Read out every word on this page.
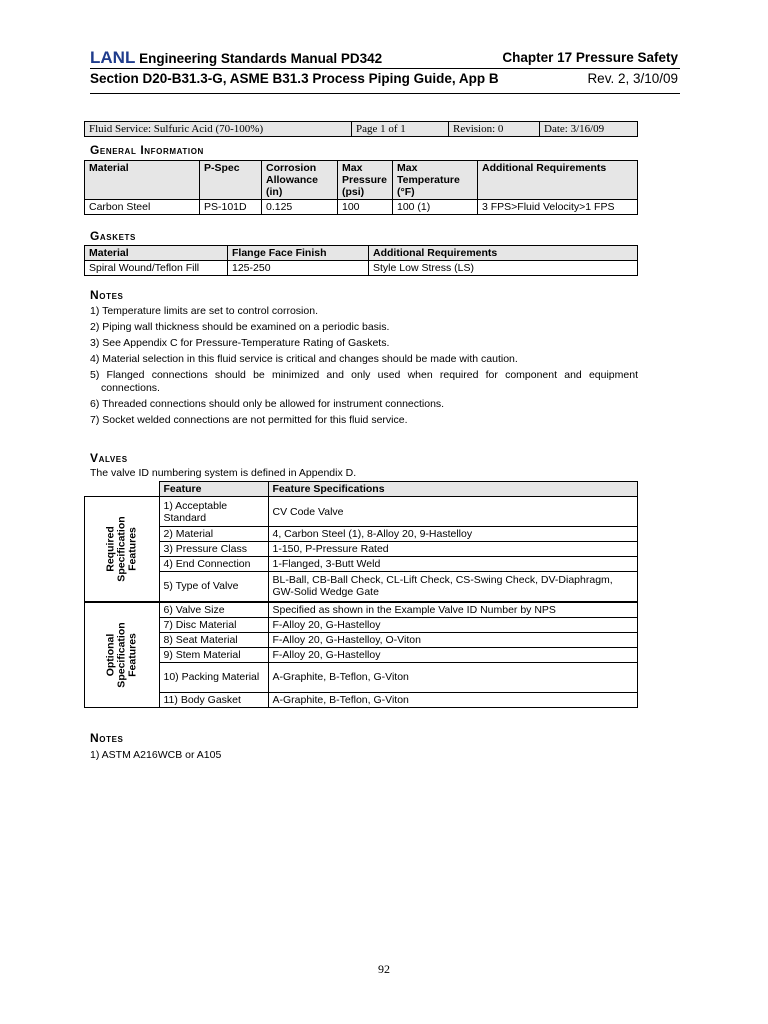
LANL Engineering Standards Manual PD342	Chapter 17 Pressure Safety
Section D20-B31.3-G, ASME B31.3 Process Piping Guide, App B	Rev. 2, 3/10/09
Fluid Service: Sulfuric Acid (70-100%)	Page 1 of 1	Revision: 0	Date: 3/16/09
General Information
Material	P-Spec	Corrosion Allowance (in)	Max Pressure (psi)	Max Temperature (°F)	Additional Requirements
Carbon Steel	PS-101D	0.125	100	100 (1)	3 FPS>Fluid Velocity>1 FPS
Gaskets
Material	Flange Face Finish	Additional Requirements
Spiral Wound/Teflon Fill	125-250	Style Low Stress (LS)
Notes
1) Temperature limits are set to control corrosion.
2) Piping wall thickness should be examined on a periodic basis.
3) See Appendix C for Pressure-Temperature Rating of Gaskets.
4) Material selection in this fluid service is critical and changes should be made with caution.
5) Flanged connections should be minimized and only used when required for component and equipment connections.
6) Threaded connections should only be allowed for instrument connections.
7) Socket welded connections are not permitted for this fluid service.
Valves
The valve ID numbering system is defined in Appendix D.
	Feature	Feature Specifications

Required Specification Features	1) Acceptable Standard	CV Code Valve
	2) Material	4, Carbon Steel (1), 8-Alloy 20, 9-Hastelloy
	3) Pressure Class	1-150, P-Pressure Rated
	4) End Connection	1-Flanged, 3-Butt Weld
	5) Type of Valve	BL-Ball, CB-Ball Check, CL-Lift Check, CS-Swing Check, DV-Diaphragm, GW-Solid Wedge Gate

Optional Specification Features	6) Valve Size	Specified as shown in the Example Valve ID Number by NPS
	7) Disc Material	F-Alloy 20, G-Hastelloy
	8) Seat Material	F-Alloy 20, G-Hastelloy, O-Viton
	9) Stem Material	F-Alloy 20, G-Hastelloy
	10) Packing Material	A-Graphite, B-Teflon, G-Viton
	11) Body Gasket	A-Graphite, B-Teflon, G-Viton
Notes
1) ASTM A216WCB or A105
92
